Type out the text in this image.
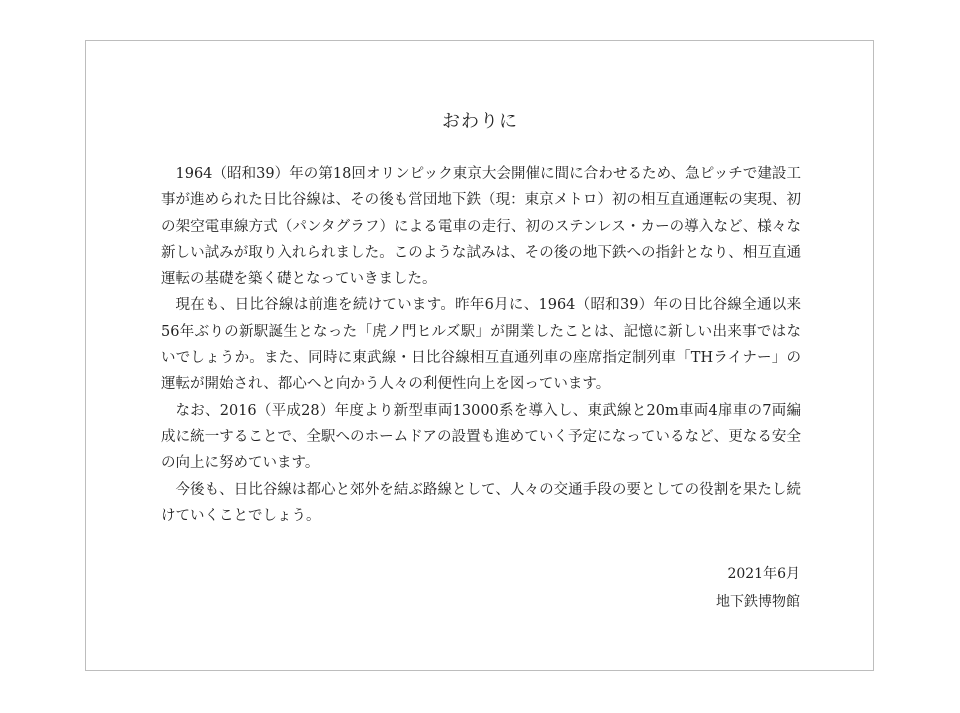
おわりに

1964（昭和39）年の第18回オリンピック東京大会開催に間に合わせるため、急ピッチで建設工事が進められた日比谷線は、その後も営団地下鉄（現：東京メトロ）初の相互直通運転の実現、初の架空電車線方式（パンタグラフ）による電車の走行、初のステンレス・カーの導入など、様々な新しい試みが取り入れられました。このような試みは、その後の地下鉄への指針となり、相互直通運転の基礎を築く礎となっていきました。

現在も、日比谷線は前進を続けています。昨年6月に、1964（昭和39）年の日比谷線全通以来56年ぶりの新駅誕生となった「虎ノ門ヒルズ駅」が開業したことは、記憶に新しい出来事ではないでしょうか。また、同時に東武線・日比谷線相互直通列車の座席指定制列車「THライナー」の運転が開始され、都心へと向かう人々の利便性向上を図っています。

なお、2016（平成28）年度より新型車両13000系を導入し、東武線と20m車両4扉車の7両編成に統一することで、全駅へのホームドアの設置も進めていく予定になっているなど、更なる安全の向上に努めています。

今後も、日比谷線は都心と郊外を結ぶ路線として、人々の交通手段の要としての役割を果たし続けていくことでしょう。

2021年6月
地下鉄博物館
